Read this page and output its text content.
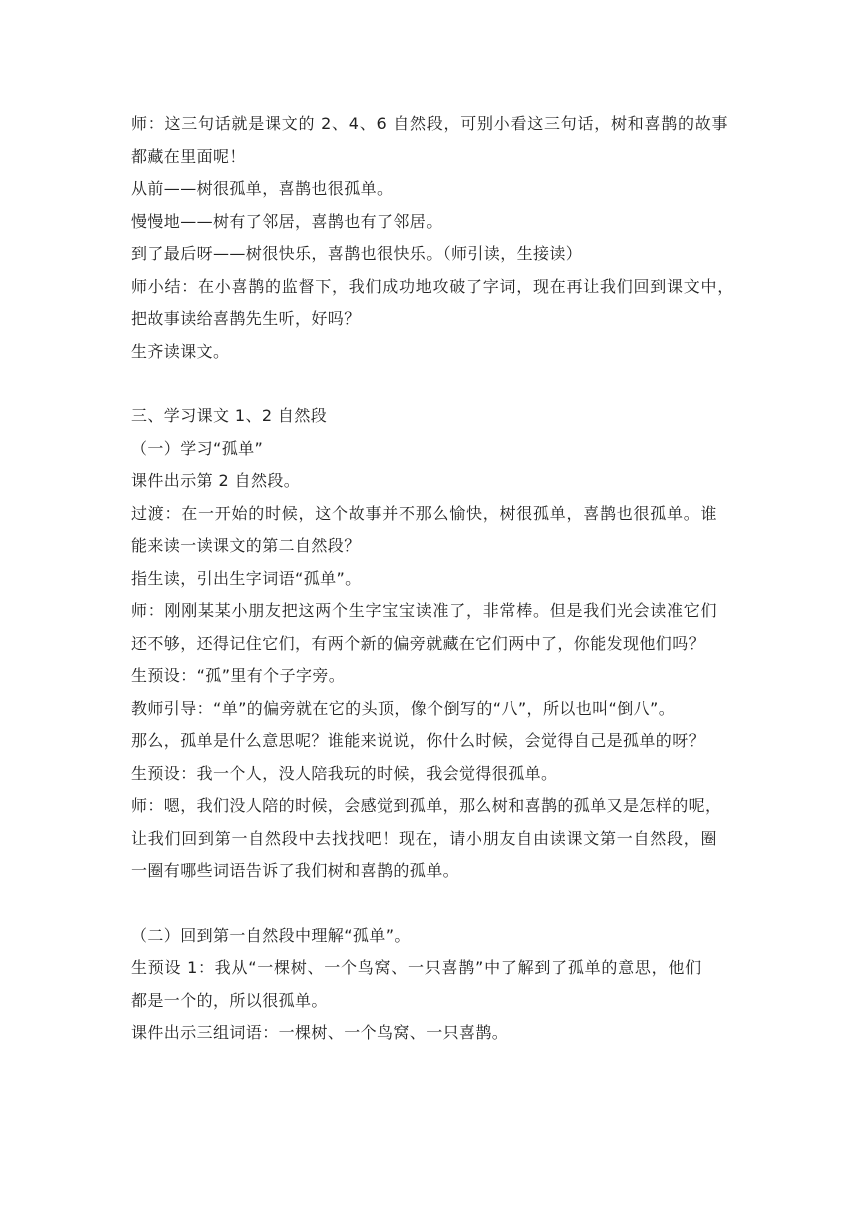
师：这三句话就是课文的 2、4、6 自然段，可别小看这三句话，树和喜鹊的故事
都藏在里面呢！
从前——树很孤单，喜鹊也很孤单。
慢慢地——树有了邻居，喜鹊也有了邻居。
到了最后呀——树很快乐，喜鹊也很快乐。（师引读，生接读）
师小结：在小喜鹊的监督下，我们成功地攻破了字词，现在再让我们回到课文中，
把故事读给喜鹊先生听，好吗？
生齐读课文。
三、学习课文 1、2 自然段
（一）学习“孤单”
课件出示第 2 自然段。
过渡：在一开始的时候，这个故事并不那么愉快，树很孤单，喜鹊也很孤单。谁
能来读一读课文的第二自然段？
指生读，引出生字词语“孤单”。
师：刚刚某某小朋友把这两个生字宝宝读准了，非常棒。但是我们光会读准它们
还不够，还得记住它们，有两个新的偏旁就藏在它们两中了，你能发现他们吗？
生预设：“孤”里有个子字旁。
教师引导：“单”的偏旁就在它的头顶，像个倒写的“八”，所以也叫“倒八”。
那么，孤单是什么意思呢？谁能来说说，你什么时候，会觉得自己是孤单的呀？
生预设：我一个人，没人陪我玩的时候，我会觉得很孤单。
师：嗯，我们没人陪的时候，会感觉到孤单，那么树和喜鹊的孤单又是怎样的呢，
让我们回到第一自然段中去找找吧！现在，请小朋友自由读课文第一自然段，圈
一圈有哪些词语告诉了我们树和喜鹊的孤单。
（二）回到第一自然段中理解“孤单”。
生预设 1：我从“一棵树、一个鸟窝、一只喜鹊”中了解到了孤单的意思，他们
都是一个的，所以很孤单。
课件出示三组词语：一棵树、一个鸟窝、一只喜鹊。
